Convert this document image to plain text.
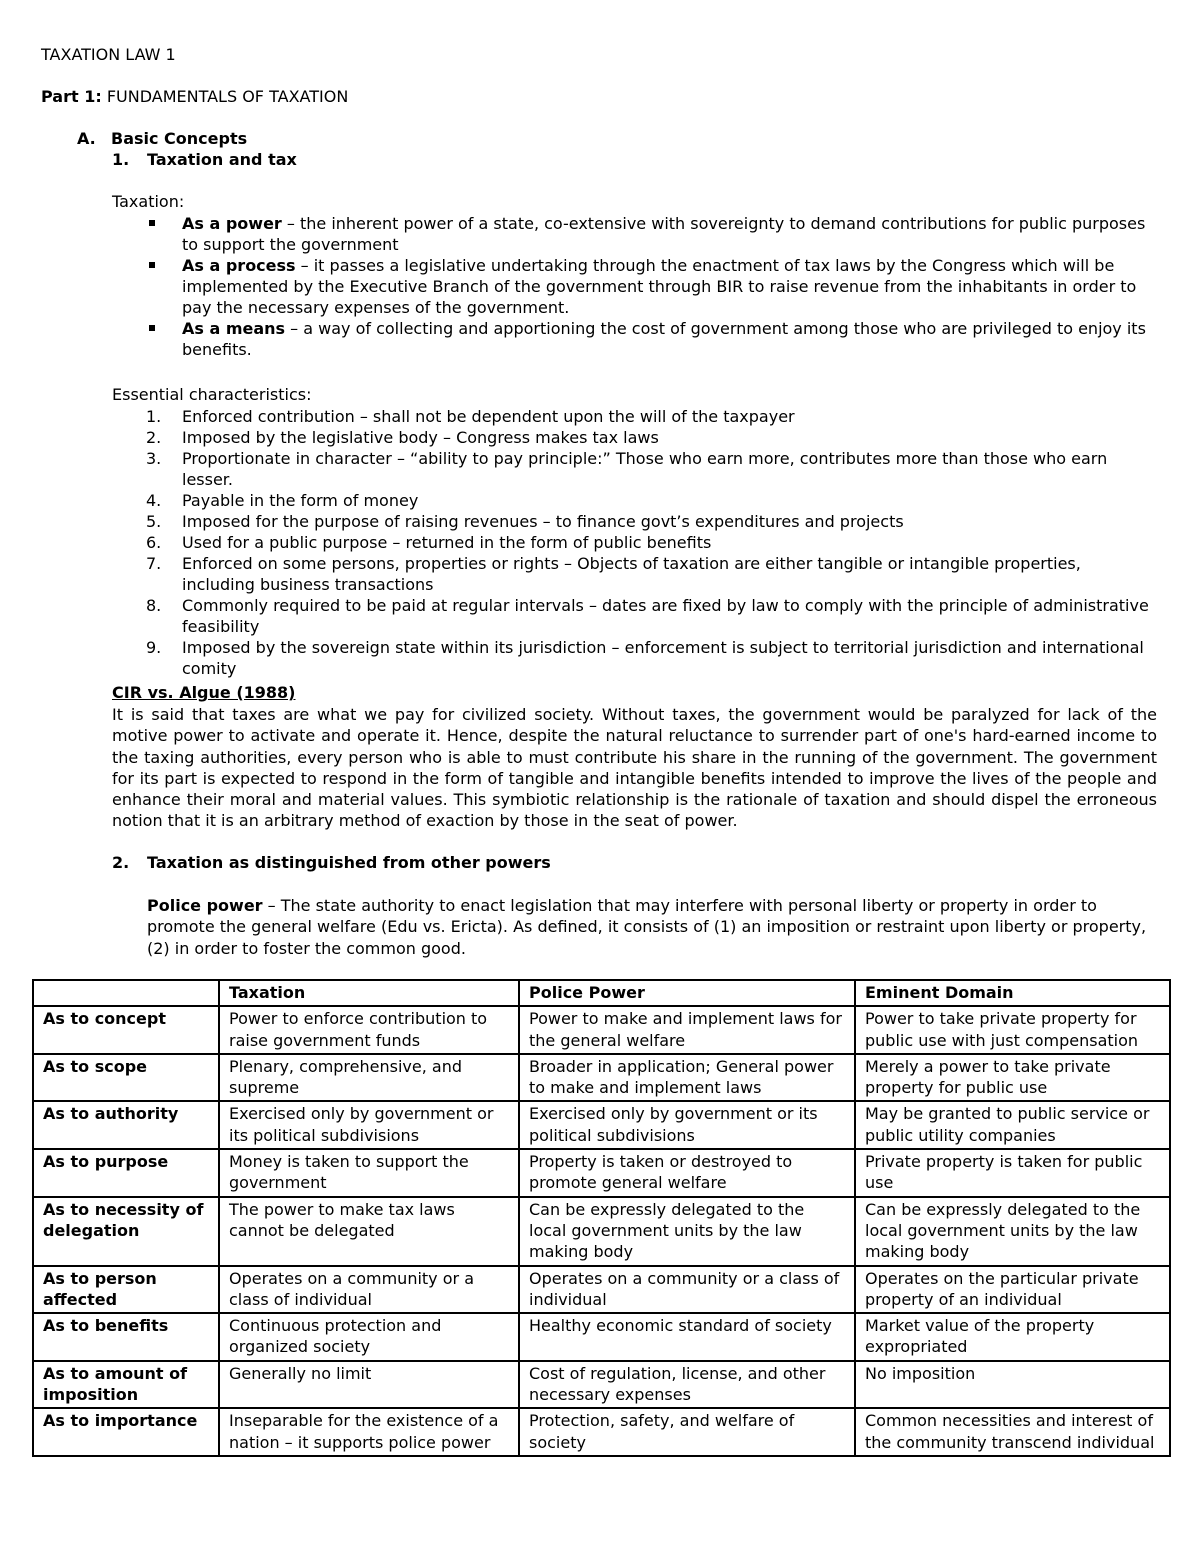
TAXATION LAW 1
Part 1: FUNDAMENTALS OF TAXATION
A. Basic Concepts
1. Taxation and tax
Taxation:
As a power – the inherent power of a state, co-extensive with sovereignty to demand contributions for public purposes to support the government
As a process – it passes a legislative undertaking through the enactment of tax laws by the Congress which will be implemented by the Executive Branch of the government through BIR to raise revenue from the inhabitants in order to pay the necessary expenses of the government.
As a means – a way of collecting and apportioning the cost of government among those who are privileged to enjoy its benefits.
Essential characteristics:
1. Enforced contribution – shall not be dependent upon the will of the taxpayer
2. Imposed by the legislative body – Congress makes tax laws
3. Proportionate in character – “ability to pay principle:” Those who earn more, contributes more than those who earn lesser.
4. Payable in the form of money
5. Imposed for the purpose of raising revenues – to finance govt’s expenditures and projects
6. Used for a public purpose – returned in the form of public benefits
7. Enforced on some persons, properties or rights – Objects of taxation are either tangible or intangible properties, including business transactions
8. Commonly required to be paid at regular intervals – dates are fixed by law to comply with the principle of administrative feasibility
9. Imposed by the sovereign state within its jurisdiction – enforcement is subject to territorial jurisdiction and international comity
CIR vs. Algue (1988)
It is said that taxes are what we pay for civilized society. Without taxes, the government would be paralyzed for lack of the motive power to activate and operate it. Hence, despite the natural reluctance to surrender part of one's hard-earned income to the taxing authorities, every person who is able to must contribute his share in the running of the government. The government for its part is expected to respond in the form of tangible and intangible benefits intended to improve the lives of the people and enhance their moral and material values. This symbiotic relationship is the rationale of taxation and should dispel the erroneous notion that it is an arbitrary method of exaction by those in the seat of power.
2. Taxation as distinguished from other powers
Police power – The state authority to enact legislation that may interfere with personal liberty or property in order to promote the general welfare (Edu vs. Ericta). As defined, it consists of (1) an imposition or restraint upon liberty or property, (2) in order to foster the common good.
	Taxation	Police Power	Eminent Domain
As to concept	Power to enforce contribution to raise government funds	Power to make and implement laws for the general welfare	Power to take private property for public use with just compensation
As to scope	Plenary, comprehensive, and supreme	Broader in application; General power to make and implement laws	Merely a power to take private property for public use
As to authority	Exercised only by government or its political subdivisions	Exercised only by government or its political subdivisions	May be granted to public service or public utility companies
As to purpose	Money is taken to support the government	Property is taken or destroyed to promote general welfare	Private property is taken for public use
As to necessity of delegation	The power to make tax laws cannot be delegated	Can be expressly delegated to the local government units by the law making body	Can be expressly delegated to the local government units by the law making body
As to person affected	Operates on a community or a class of individual	Operates on a community or a class of individual	Operates on the particular private property of an individual
As to benefits	Continuous protection and organized society	Healthy economic standard of society	Market value of the property expropriated
As to amount of imposition	Generally no limit	Cost of regulation, license, and other necessary expenses	No imposition
As to importance	Inseparable for the existence of a nation – it supports police power	Protection, safety, and welfare of society	Common necessities and interest of the community transcend individual
